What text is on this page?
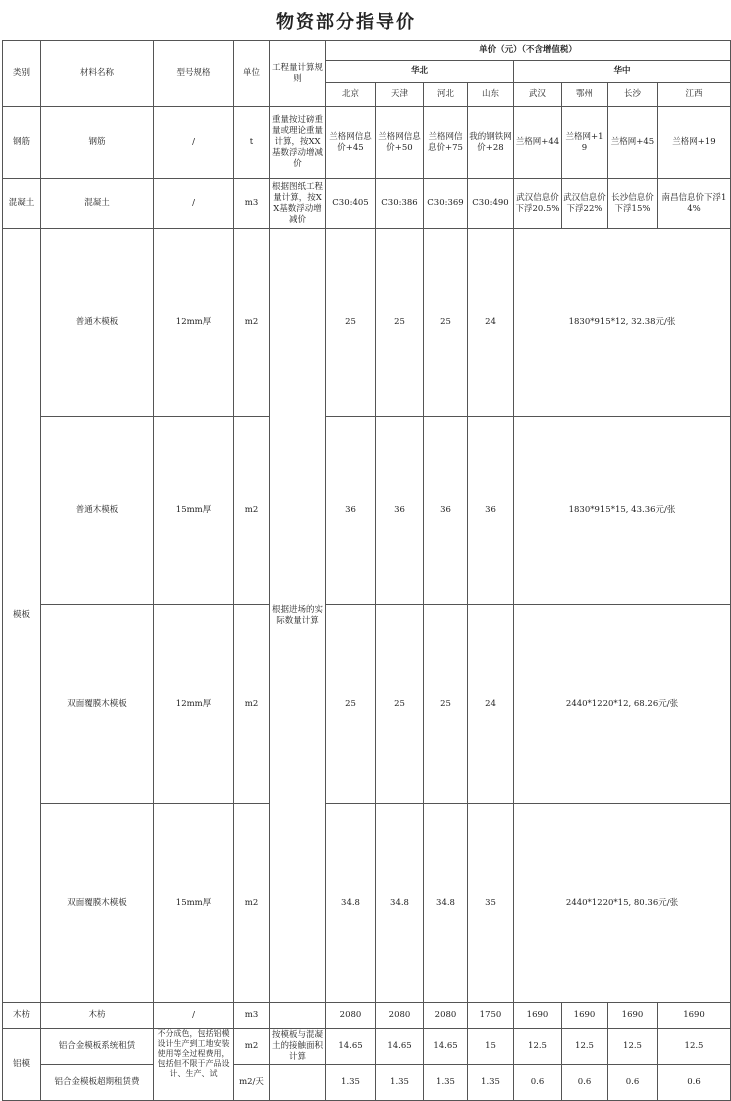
物资部分指导价
类别	材料名称	型号规格	单位	工程量计算规则	单价（元）（不含增值税）								
					华北				华中				
					北京	天津	河北	山东	武汉	鄂州	长沙	江西	
钢筋	钢筋	/	t	重量按过磅重量或理论重量计算，按XX基数浮动增减价	兰格网信息价+45	兰格网信息价+50	兰格网信息价+75	我的钢铁网价+28	兰格网+44	兰格网+19	兰格网+45	兰格网+19	
混凝土	混凝土	/	m3	根据图纸工程量计算，按XX基数浮动增减价	C30:405	C30:386	C30:369	C30:490	武汉信息价下浮20.5%	武汉信息价下浮22%	长沙信息价下浮15%	南昌信息价下浮14%	
模板	普通木模板	12mm厚	m2	根据进场的实际数量计算	25	25	25	24	1830*915*12, 32.38元/张	
	普通木模板	15mm厚	m2		36	36	36	36	1830*915*15, 43.36元/张	
	双面覆膜木模板	12mm厚	m2		25	25	25	24	2440*1220*12, 68.26元/张	
	双面覆膜木模板	15mm厚	m2		34.8	34.8	34.8	35	2440*1220*15, 80.36元/张	
木枋	木枋	/	m3		2080	2080	2080	1750	1690	1690	1690	1690	
铝模	铝合金模板系统租赁	不分成色，包括铝模设计生产到工地安装使用等全过程费用，包括但不限于产品设计、生产、试	m2	按模板与混凝土的接触面积计算	14.65	14.65	14.65	15	12.5	12.5	12.5	12.5	
	铝合金模板超期租赁费		m2/天		1.35	1.35	1.35	1.35	0.6	0.6	0.6	0.6	
